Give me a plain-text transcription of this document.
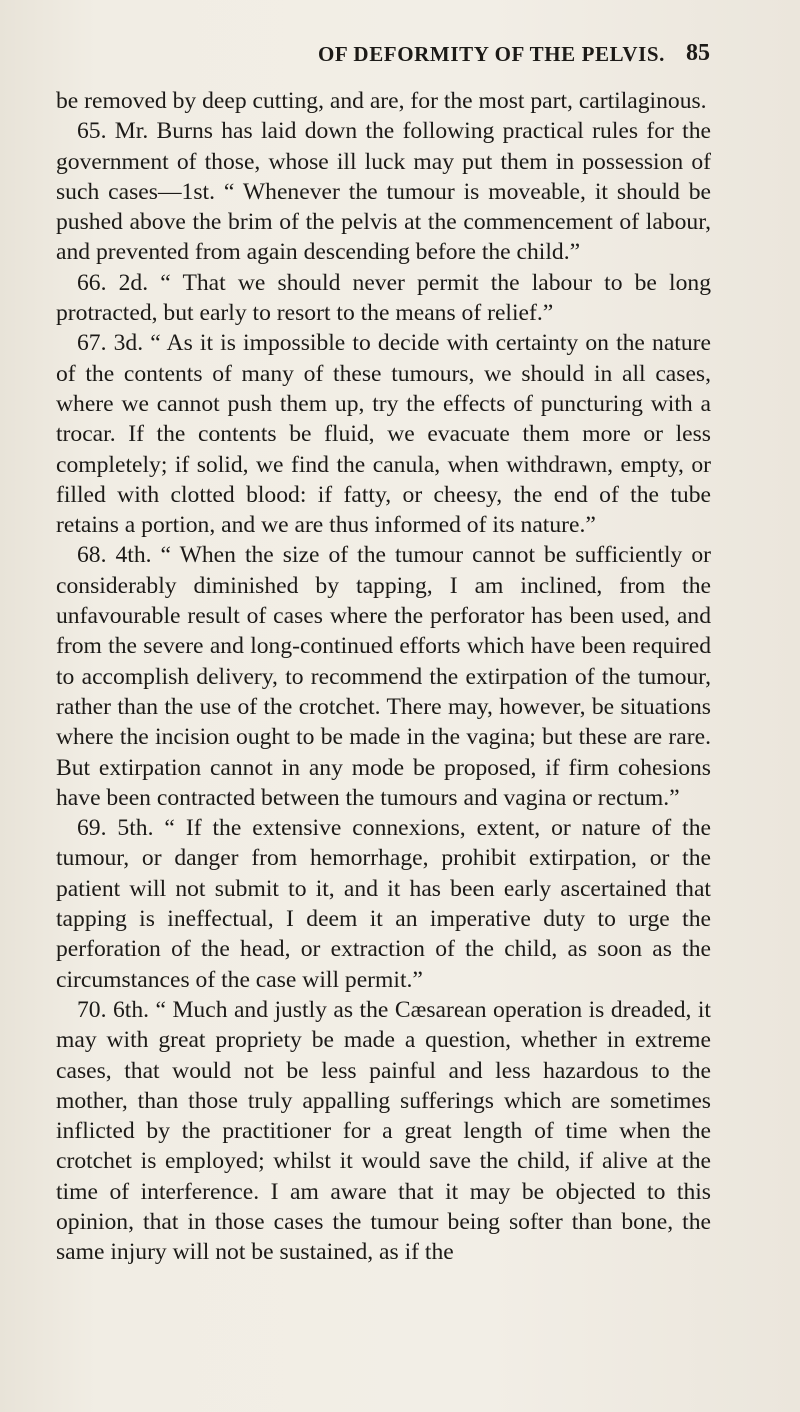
OF DEFORMITY OF THE PELVIS. 85

be removed by deep cutting, and are, for the most part, cartilaginous.

65. Mr. Burns has laid down the following practical rules for the government of those, whose ill luck may put them in possession of such cases—1st. “ Whenever the tumour is moveable, it should be pushed above the brim of the pelvis at the commencement of labour, and prevented from again descending before the child.”

66. 2d. “ That we should never permit the labour to be long protracted, but early to resort to the means of relief.”

67. 3d. “ As it is impossible to decide with certainty on the nature of the contents of many of these tumours, we should in all cases, where we cannot push them up, try the effects of puncturing with a trocar. If the contents be fluid, we evacuate them more or less completely; if solid, we find the canula, when withdrawn, empty, or filled with clotted blood: if fatty, or cheesy, the end of the tube retains a portion, and we are thus informed of its nature.”

68. 4th. “ When the size of the tumour cannot be sufficiently or considerably diminished by tapping, I am inclined, from the unfavourable result of cases where the perforator has been used, and from the severe and long-continued efforts which have been required to accomplish delivery, to recommend the extirpation of the tumour, rather than the use of the crotchet. There may, however, be situations where the incision ought to be made in the vagina; but these are rare. But extirpation cannot in any mode be proposed, if firm cohesions have been contracted between the tumours and vagina or rectum.”

69. 5th. “ If the extensive connexions, extent, or nature of the tumour, or danger from hemorrhage, prohibit extirpation, or the patient will not submit to it, and it has been early ascertained that tapping is ineffectual, I deem it an imperative duty to urge the perforation of the head, or extraction of the child, as soon as the circumstances of the case will permit.”

70. 6th. “ Much and justly as the Cæsarean operation is dreaded, it may with great propriety be made a question, whether in extreme cases, that would not be less painful and less hazardous to the mother, than those truly appalling sufferings which are sometimes inflicted by the practitioner for a great length of time when the crotchet is employed; whilst it would save the child, if alive at the time of interference. I am aware that it may be objected to this opinion, that in those cases the tumour being softer than bone, the same injury will not be sustained, as if the
